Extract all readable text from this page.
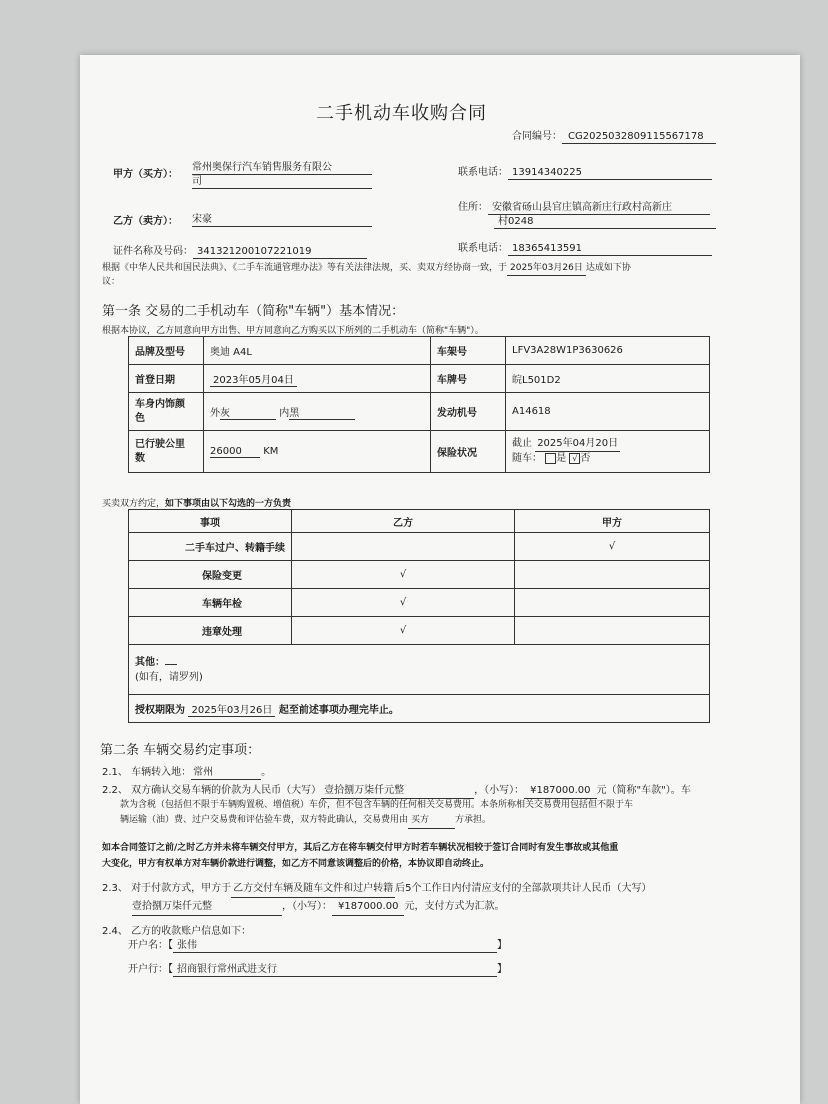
二手机动车收购合同
合同编号： CG2025032809115567178
甲方（买方）：
常州奥保行汽车销售服务有限公
司
联系电话： 13914340225
乙方（卖方）： 宋豪
住所： 安徽省砀山县官庄镇高新庄行政村高新庄
村0248
证件名称及号码： 341321200107221019	联系电话： 18365413591
根据《中华人民共和国民法典》、《二手车流通管理办法》等有关法律法规，买、卖双方经协商一致，于 2025年03月26日 达成如下协
议：
第一条 交易的二手机动车（简称"车辆"）基本情况：
根据本协议，乙方同意向甲方出售、甲方同意向乙方购买以下所列的二手机动车（简称"车辆"）。
品牌及型号	奥迪 A4L	车架号	LFV3A28W1P3630626
首登日期	2023年05月04日	车牌号	皖L501D2
车身内饰颜
色	外灰 内黑	发动机号	A14618
已行驶公里
数	26000 KM	保险状况	截止 2025年04月20日
随车： 是 √ 否
买卖双方约定，如下事项由以下勾选的一方负责
事项	乙方	甲方
二手车过户、转籍手续		√
保险变更	√	
车辆年检	√	
违章处理	√	
其他：
(如有，请罗列)		
授权期限为 2025年03月26日 起至前述事项办理完毕止。		
第二条 车辆交易约定事项：
2.1、 车辆转入地： 常州	。
2.2、 双方确认交易车辆的价款为人民币（大写） 壹拾捌万柒仟元整	，（小写）： ¥187000.00 元（简称"车款"）。车
款为含税（包括但不限于车辆购置税、增值税）车价，但不包含车辆的任何相关交易费用。本条所称相关交易费用包括但不限于车
辆运输（油）费、过户交易费和评估验车费，双方特此确认，交易费用由 买方	方承担。
如本合同签订之前/之时乙方并未将车辆交付甲方，其后乙方在将车辆交付甲方时若车辆状况相较于签订合同时有发生事故或其他重
大变化，甲方有权单方对车辆价款进行调整，如乙方不同意该调整后的价格，本协议即自动终止。
2.3、 对于付款方式，甲方于 乙方交付车辆及随车文件和过户转籍 后5个工作日内付清应支付的全部款项共计人民币（大写）
壹拾捌万柒仟元整	，（小写）： ¥187000.00 元，支付方式为汇款。
2.4、 乙方的收款账户信息如下：
开户名：【 张伟	】
开户行：【 招商银行常州武进支行	】
